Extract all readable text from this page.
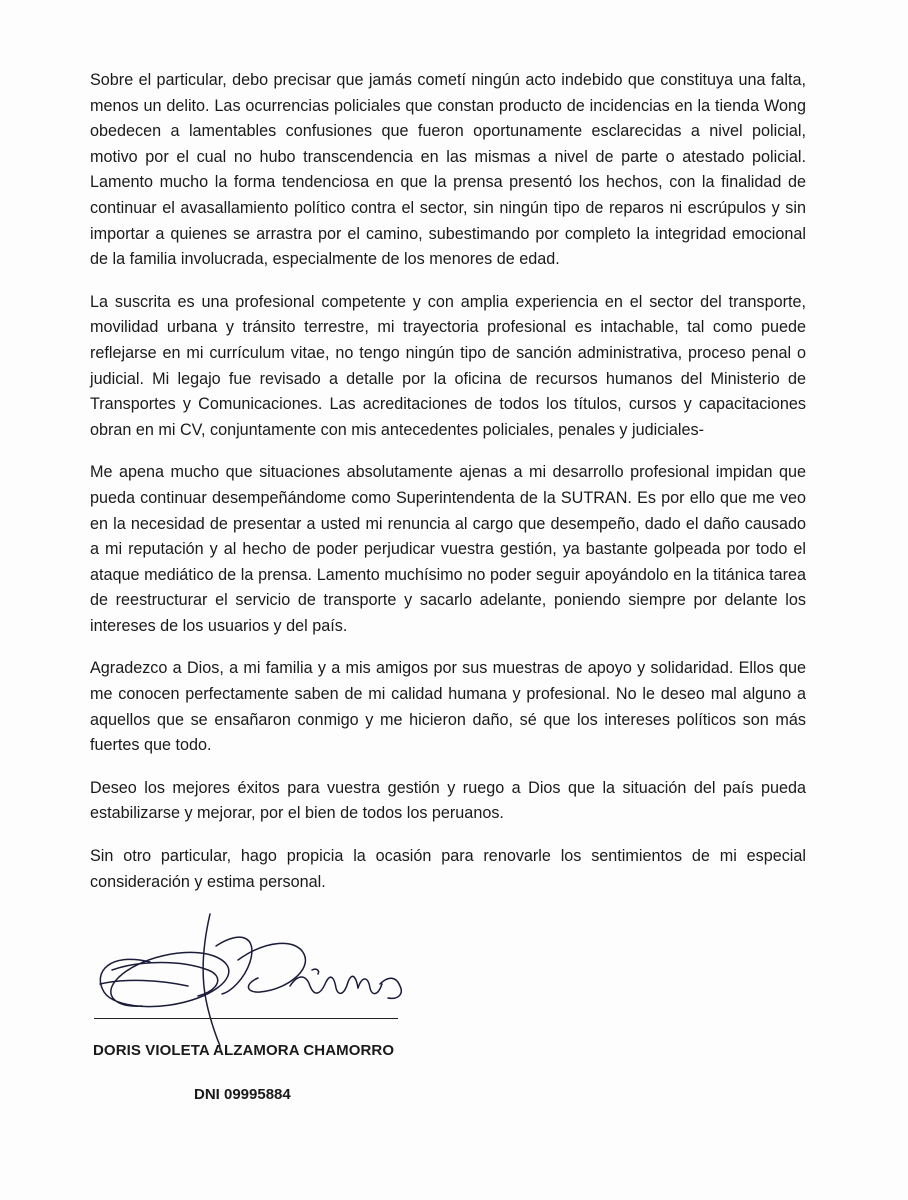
Sobre el particular, debo precisar que jamás cometí ningún acto indebido que constituya una falta, menos un delito. Las ocurrencias policiales que constan producto de incidencias en la tienda Wong obedecen a lamentables confusiones que fueron oportunamente esclarecidas a nivel policial, motivo por el cual no hubo transcendencia en las mismas a nivel de parte o atestado policial. Lamento mucho la forma tendenciosa en que la prensa presentó los hechos, con la finalidad de continuar el avasallamiento político contra el sector, sin ningún tipo de reparos ni escrúpulos y sin importar a quienes se arrastra por el camino, subestimando por completo la integridad emocional de la familia involucrada, especialmente de los menores de edad.

La suscrita es una profesional competente y con amplia experiencia en el sector del transporte, movilidad urbana y tránsito terrestre, mi trayectoria profesional es intachable, tal como puede reflejarse en mi currículum vitae, no tengo ningún tipo de sanción administrativa, proceso penal o judicial. Mi legajo fue revisado a detalle por la oficina de recursos humanos del Ministerio de Transportes y Comunicaciones. Las acreditaciones de todos los títulos, cursos y capacitaciones obran en mi CV, conjuntamente con mis antecedentes policiales, penales y judiciales-

Me apena mucho que situaciones absolutamente ajenas a mi desarrollo profesional impidan que pueda continuar desempeñándome como Superintendenta de la SUTRAN. Es por ello que me veo en la necesidad de presentar a usted mi renuncia al cargo que desempeño, dado el daño causado a mi reputación y al hecho de poder perjudicar vuestra gestión, ya bastante golpeada por todo el ataque mediático de la prensa. Lamento muchísimo no poder seguir apoyándolo en la titánica tarea de reestructurar el servicio de transporte y sacarlo adelante, poniendo siempre por delante los intereses de los usuarios y del país.

Agradezco a Dios, a mi familia y a mis amigos por sus muestras de apoyo y solidaridad. Ellos que me conocen perfectamente saben de mi calidad humana y profesional. No le deseo mal alguno a aquellos que se ensañaron conmigo y me hicieron daño, sé que los intereses políticos son más fuertes que todo.

Deseo los mejores éxitos para vuestra gestión y ruego a Dios que la situación del país pueda estabilizarse y mejorar, por el bien de todos los peruanos.

Sin otro particular, hago propicia la ocasión para renovarle los sentimientos de mi especial consideración y estima personal.

DORIS VIOLETA ALZAMORA CHAMORRO
DNI 09995884
